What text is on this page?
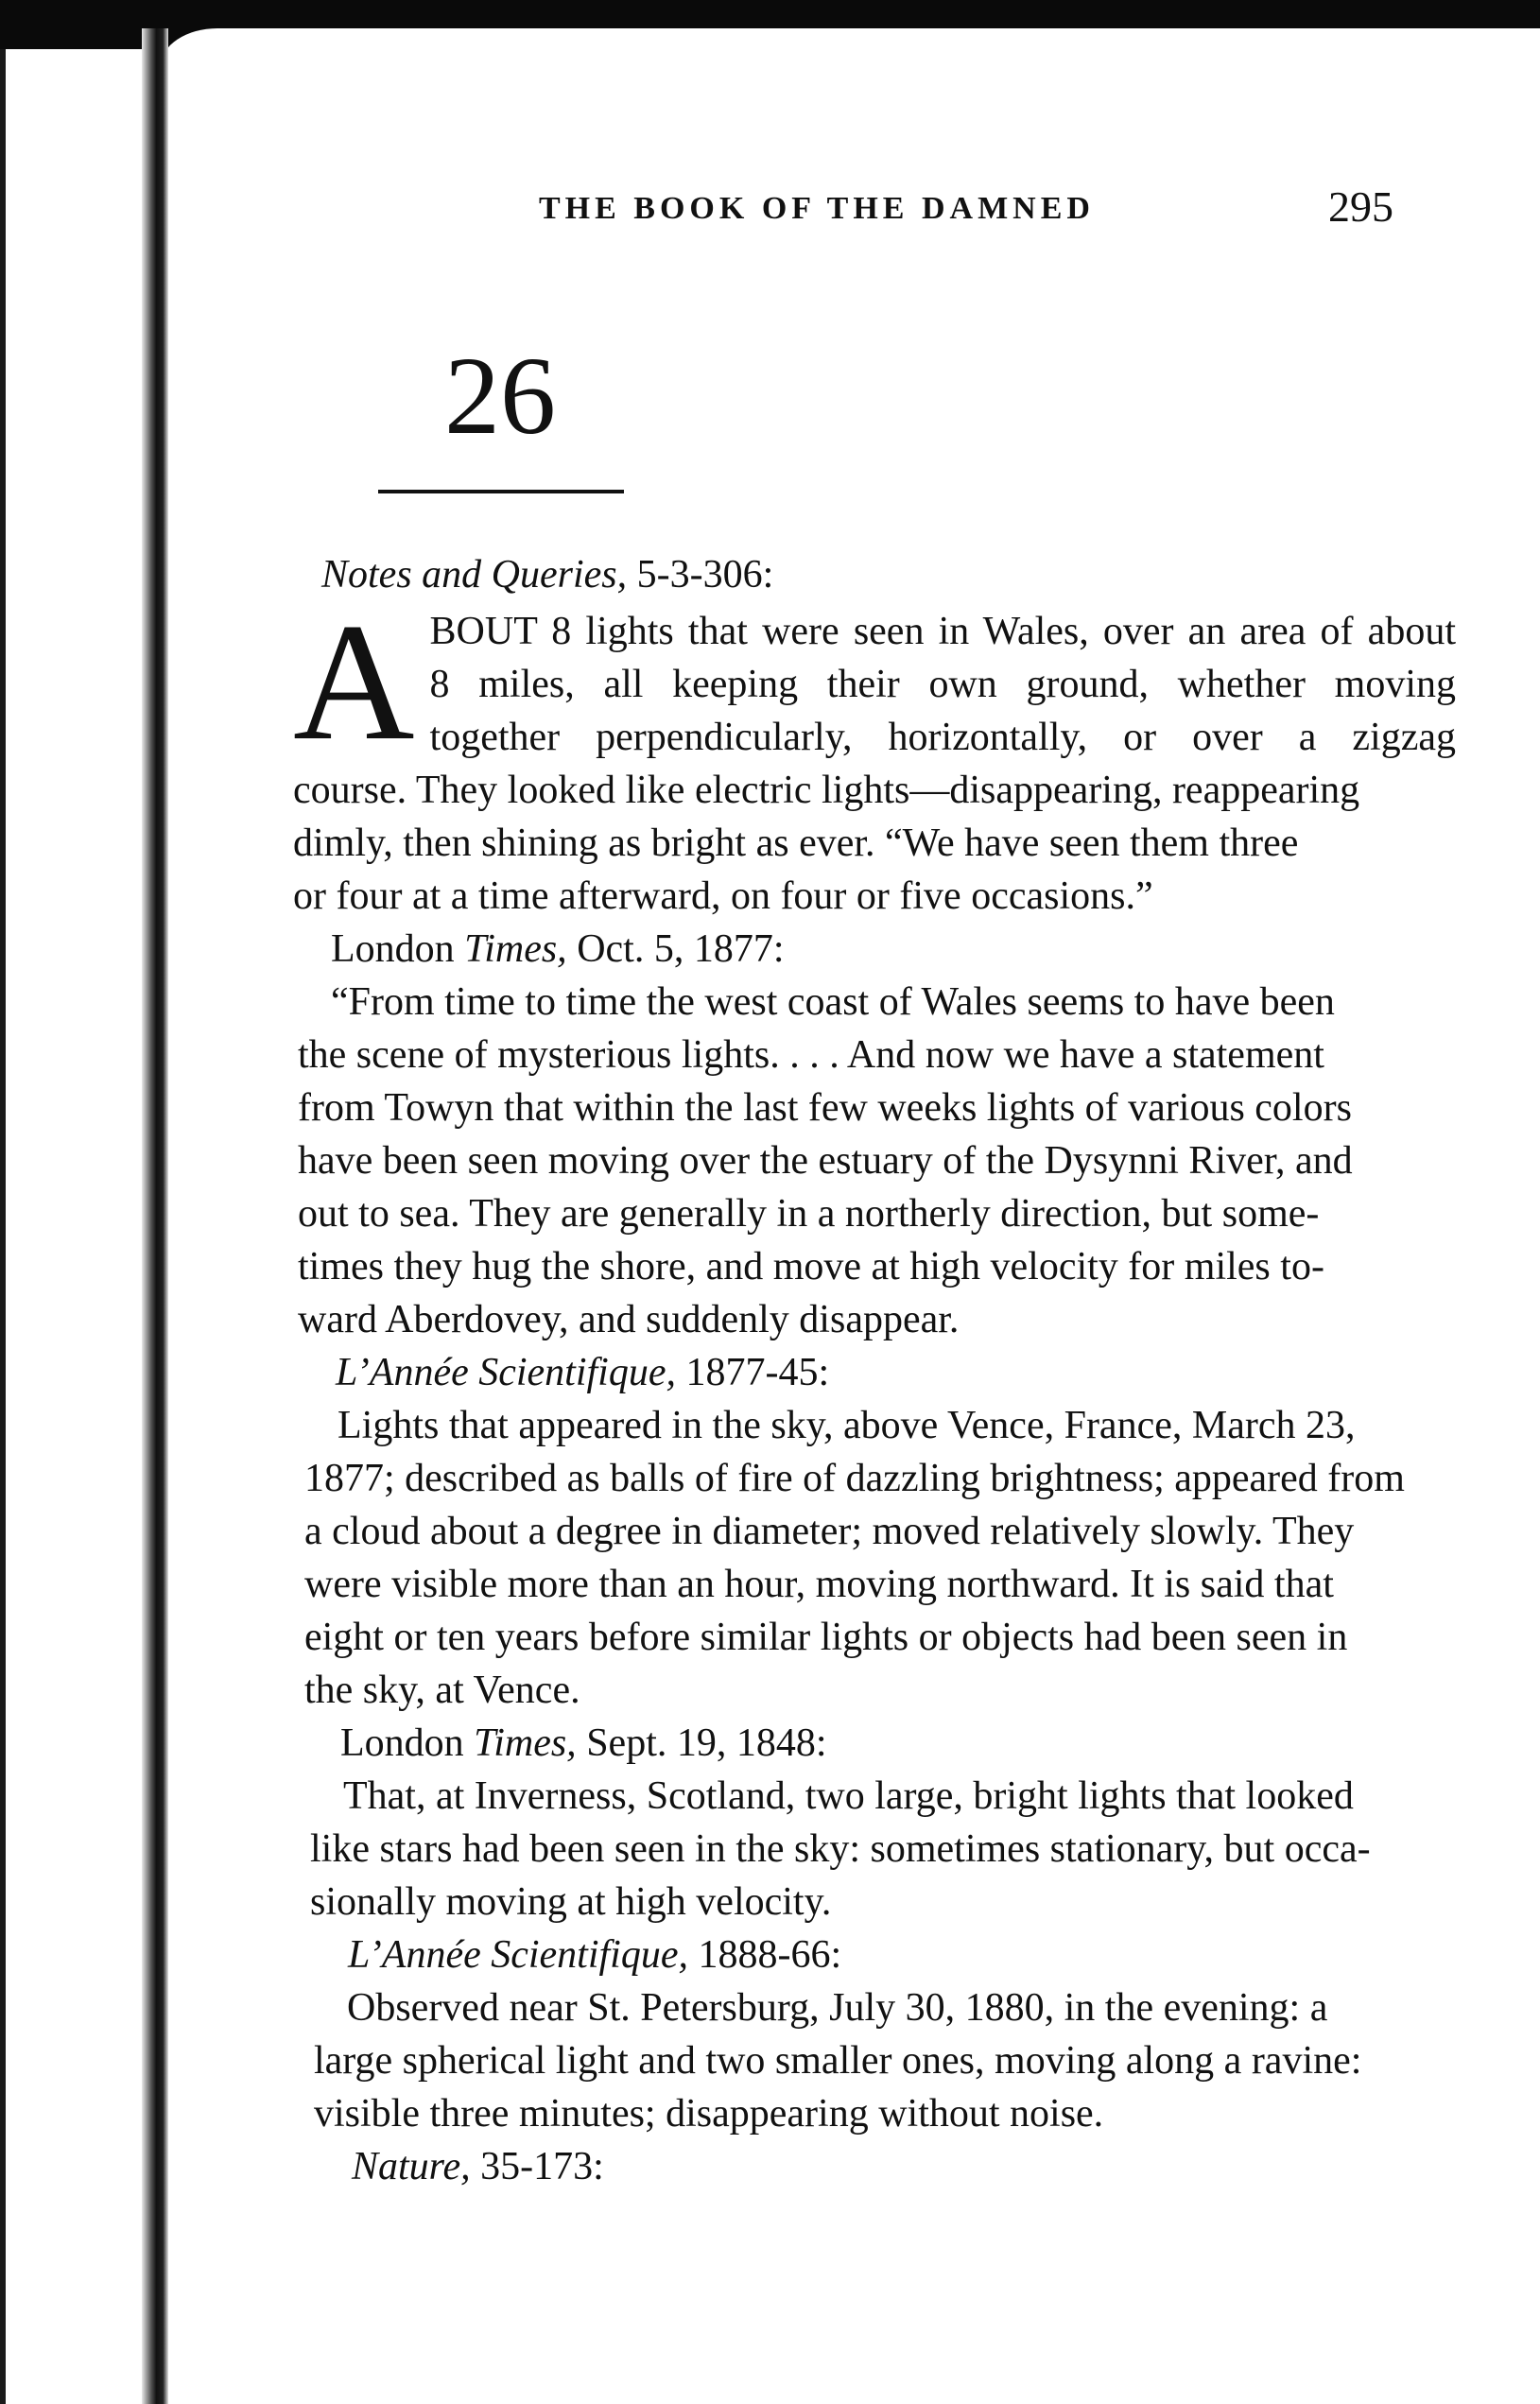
THE BOOK OF THE DAMNED	295
26
Notes and Queries, 5-3-306:
A BOUT 8 lights that were seen in Wales, over an area of about
8 miles, all keeping their own ground, whether moving
together perpendicularly, horizontally, or over a zigzag
course. They looked like electric lights—disappearing, reappearing
dimly, then shining as bright as ever. “We have seen them three
or four at a time afterward, on four or five occasions.”
London Times, Oct. 5, 1877:
“From time to time the west coast of Wales seems to have been
the scene of mysterious lights. . . . And now we have a statement
from Towyn that within the last few weeks lights of various colors
have been seen moving over the estuary of the Dysynni River, and
out to sea. They are generally in a northerly direction, but some-
times they hug the shore, and move at high velocity for miles to-
ward Aberdovey, and suddenly disappear.
L’Année Scientifique, 1877-45:
Lights that appeared in the sky, above Vence, France, March 23,
1877; described as balls of fire of dazzling brightness; appeared from
a cloud about a degree in diameter; moved relatively slowly. They
were visible more than an hour, moving northward. It is said that
eight or ten years before similar lights or objects had been seen in
the sky, at Vence.
London Times, Sept. 19, 1848:
That, at Inverness, Scotland, two large, bright lights that looked
like stars had been seen in the sky: sometimes stationary, but occa-
sionally moving at high velocity.
L’Année Scientifique, 1888-66:
Observed near St. Petersburg, July 30, 1880, in the evening: a
large spherical light and two smaller ones, moving along a ravine:
visible three minutes; disappearing without noise.
Nature, 35-173:
